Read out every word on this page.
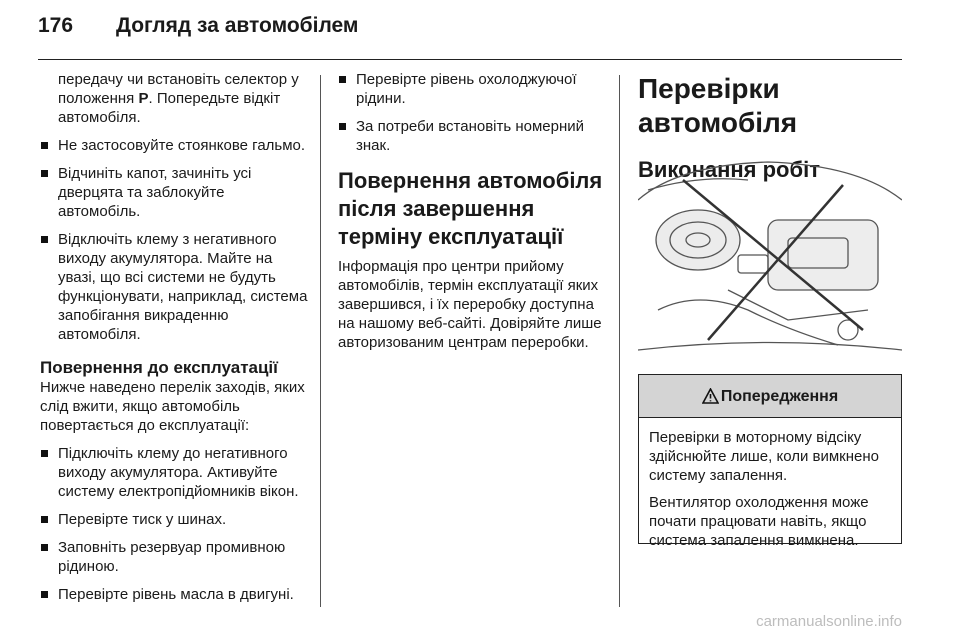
176 Догляд за автомобілем

передачу чи встановіть селектор у положення P. Попередьте відкіт автомобіля.

Не застосовуйте стоянкове гальмо.
Відчиніть капот, зачиніть усі дверцята та заблокуйте автомобіль.
Відключіть клему з негативного виходу акумулятора. Майте на увазі, що всі системи не будуть функціонувати, наприклад, система запобігання викраденню автомобіля.
Повернення до експлуатації

Нижче наведено перелік заходів, яких слід вжити, якщо автомобіль повертається до експлуатації:

Підключіть клему до негативного виходу акумулятора. Активуйте систему електропідйомників вікон.
Перевірте тиск у шинах.
Заповніть резервуар промивною рідиною.
Перевірте рівень масла в двигуні.
Перевірте рівень охолоджуючої рідини.
За потреби встановіть номерний знак.
Повернення автомобіля після завершення терміну експлуатації

Інформація про центри прийому автомобілів, термін експлуатації яких завершився, і їх переробку доступна на нашому веб-сайті. Довіряйте лише авторизованим центрам переробки.

Перевірки автомобіля
Виконання робіт
Попередження

Перевірки в моторному відсіку здійснюйте лише, коли вимкнено систему запалення.

Вентилятор охолодження може почати працювати навіть, якщо система запалення вимкнена.

carmanualsonline.info
